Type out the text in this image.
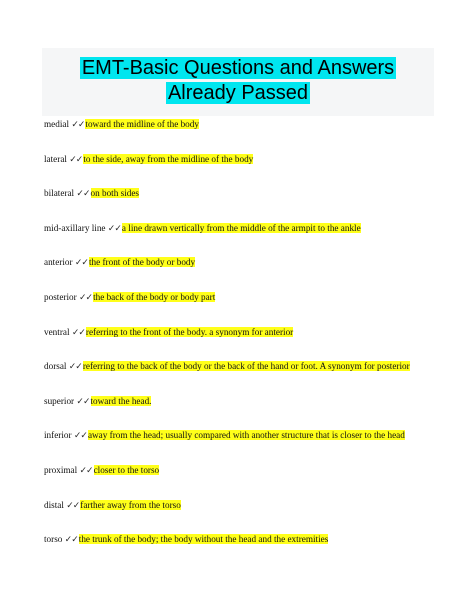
EMT-Basic Questions and Answers
Already Passed
medial ✓✓toward the midline of the body
lateral ✓✓to the side, away from the midline of the body
bilateral ✓✓on both sides
mid-axillary line ✓✓a line drawn vertically from the middle of the armpit to the ankle
anterior ✓✓the front of the body or body
posterior ✓✓the back of the body or body part
ventral ✓✓referring to the front of the body. a synonym for anterior
dorsal ✓✓referring to the back of the body or the back of the hand or foot. A synonym for posterior
superior ✓✓toward the head.
inferior ✓✓away from the head; usually compared with another structure that is closer to the head
proximal ✓✓closer to the torso
distal ✓✓farther away from the torso
torso ✓✓the trunk of the body; the body without the head and the extremities
